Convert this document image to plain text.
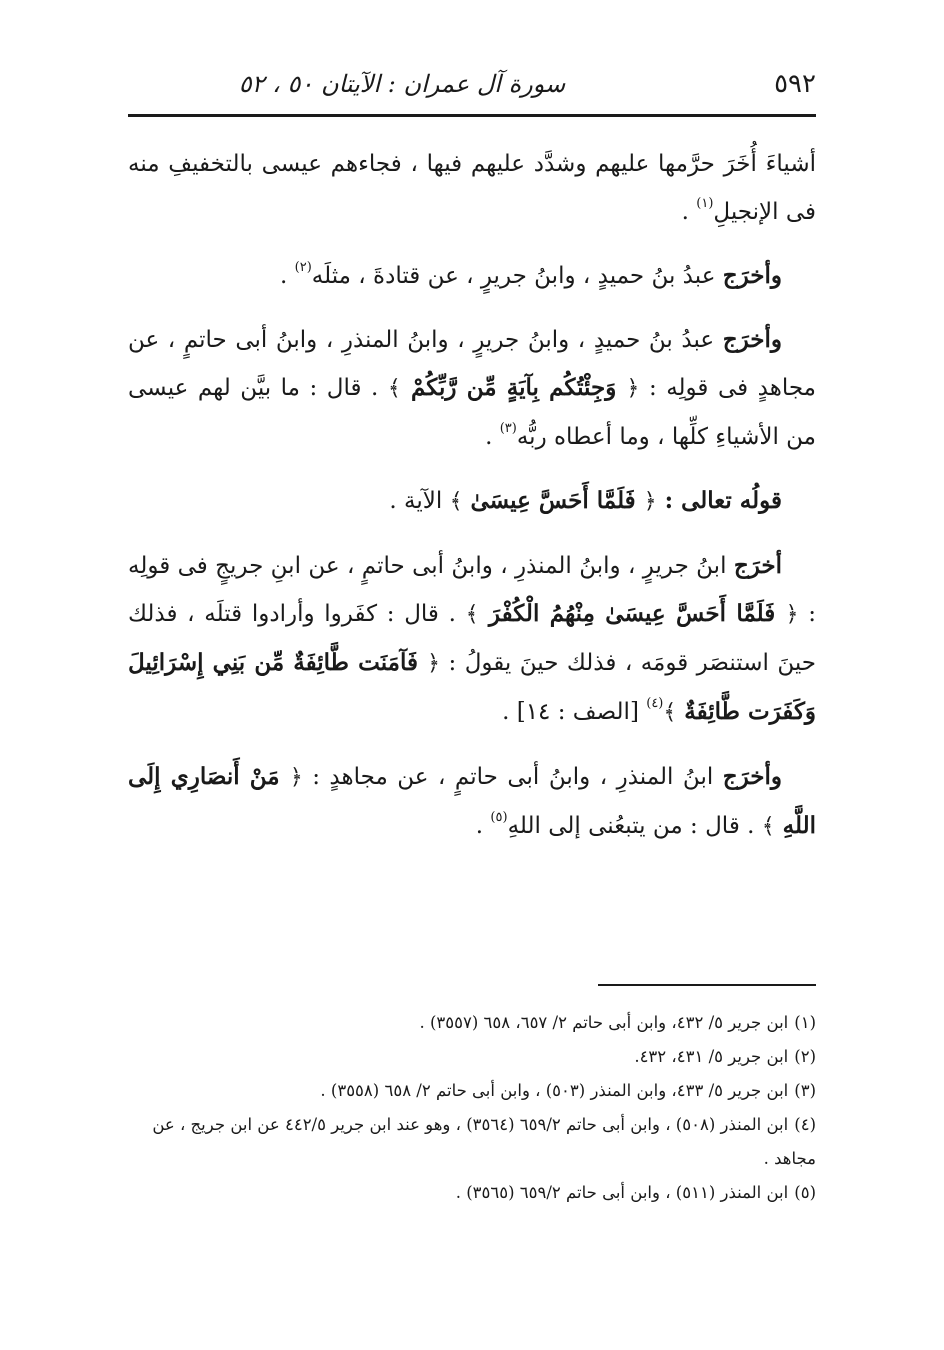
٥٩٢
سورة آل عمران : الآيتان ٥٠ ، ٥٢

أشياءَ أُخَرَ حرَّمها عليهم وشدَّد عليهم فيها ، فجاءهم عيسى بالتخفيفِ منه فى الإنجيلِ$^{(١)}$ .

وأخرَج عبدُ بنُ حميدٍ ، وابنُ جريرٍ ، عن قتادةَ ، مثلَه$^{(٢)}$ .

وأخرَج عبدُ بنُ حميدٍ ، وابنُ جريرٍ ، وابنُ المنذرِ ، وابنُ أبى حاتمٍ ، عن مجاهدٍ فى قولِه : ﴿ وَجِئْتُكُم بِآيَةٍ مِّن رَّبِّكُمْ ﴾ . قال : ما بيَّن لهم عيسى من الأشياءِ كلِّها ، وما أعطاه ربُّه$^{(٣)}$ .

قولُه تعالى : ﴿ فَلَمَّا أَحَسَّ عِيسَىٰ ﴾ الآية .

أخرَج ابنُ جريرٍ ، وابنُ المنذرِ ، وابنُ أبى حاتمٍ ، عن ابنِ جريجٍ فى قولِه : ﴿ فَلَمَّا أَحَسَّ عِيسَىٰ مِنْهُمُ الْكُفْرَ ﴾ . قال : كفَروا وأرادوا قتلَه ، فذلك حينَ استنصَر قومَه ، فذلك حينَ يقولُ : ﴿ فَآمَنَت طَّائِفَةٌ مِّن بَنِي إِسْرَائِيلَ وَكَفَرَت طَّائِفَةٌ ﴾$^{(٤)}$ [الصف : ١٤] .

وأخرَج ابنُ المنذرِ ، وابنُ أبى حاتمٍ ، عن مجاهدٍ : ﴿ مَنْ أَنصَارِي إِلَى اللَّهِ ﴾ . قال : من يتبعُنى إلى اللهِ$^{(٥)}$ .

(١)ابن جرير ٥/ ٤٣٢، وابن أبى حاتم ٢/ ٦٥٧، ٦٥٨ (٣٥٥٧) .

(٢)ابن جرير ٥/ ٤٣١، ٤٣٢.

(٣)ابن جرير ٥/ ٤٣٣، وابن المنذر (٥٠٣) ، وابن أبى حاتم ٢/ ٦٥٨ (٣٥٥٨) .

(٤)ابن المنذر (٥٠٨) ، وابن أبى حاتم ٦٥٩/٢ (٣٥٦٤) ، وهو عند ابن جرير ٤٤٢/٥ عن ابن جريج ، عن مجاهد .

(٥)ابن المنذر (٥١١) ، وابن أبى حاتم ٦٥٩/٢ (٣٥٦٥) .
